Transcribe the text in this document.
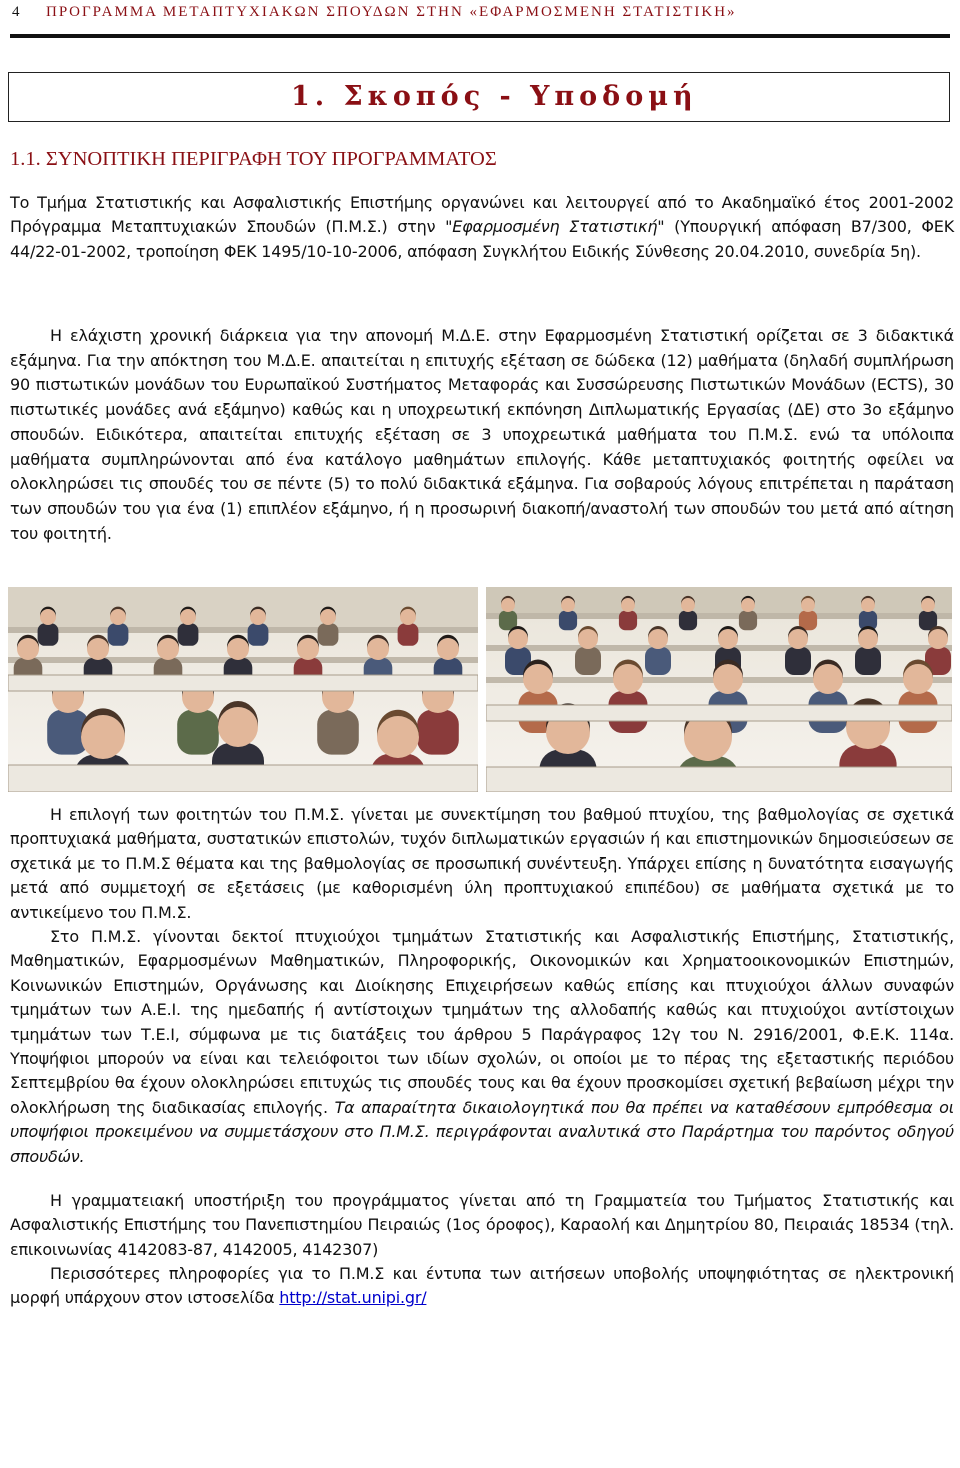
4 ΠΡΟΓΡΑΜΜΑ ΜΕΤΑΠΤΥΧΙΑΚΩΝ ΣΠΟΥΔΩΝ ΣΤΗΝ «ΕΦΑΡΜΟΣΜΕΝΗ ΣΤΑΤΙΣΤΙΚΗ»
1. Σκοπός - Υποδομή
1.1. ΣΥΝΟΠΤΙΚΗ ΠΕΡΙΓΡΑΦΗ ΤΟΥ ΠΡΟΓΡΑΜΜΑΤΟΣ

Το Τμήμα Στατιστικής και Ασφαλιστικής Επιστήμης οργανώνει και λειτουργεί από το Ακαδημαϊκό έτος 2001-2002 Πρόγραμμα Μεταπτυχιακών Σπουδών (Π.Μ.Σ.) στην "Εφαρμοσμένη Στατιστική" (Υπουργική απόφαση Β7/300, ΦΕΚ 44/22-01-2002, τροποίηση ΦΕΚ 1495/10-10-2006, απόφαση Συγκλήτου Ειδικής Σύνθεσης 20.04.2010, συνεδρία 5η).

Η ελάχιστη χρονική διάρκεια για την απονομή Μ.Δ.Ε. στην Εφαρμοσμένη Στατιστική ορίζεται σε 3 διδακτικά εξάμηνα. Για την απόκτηση του Μ.Δ.Ε. απαιτείται η επιτυχής εξέταση σε δώδεκα (12) μαθήματα (δηλαδή συμπλήρωση 90 πιστωτικών μονάδων του Ευρωπαϊκού Συστήματος Μεταφοράς και Συσσώρευσης Πιστωτικών Μονάδων (ECTS), 30 πιστωτικές μονάδες ανά εξάμηνο) καθώς και η υποχρεωτική εκπόνηση Διπλωματικής Εργασίας (ΔΕ) στο 3ο εξάμηνο σπουδών. Ειδικότερα, απαιτείται επιτυχής εξέταση σε 3 υποχρεωτικά μαθήματα του Π.Μ.Σ. ενώ τα υπόλοιπα μαθήματα συμπληρώνονται από ένα κατάλογο μαθημάτων επιλογής. Κάθε μεταπτυχιακός φοιτητής οφείλει να ολοκληρώσει τις σπουδές του σε πέντε (5) το πολύ διδακτικά εξάμηνα. Για σοβαρούς λόγους επιτρέπεται η παράταση των σπουδών του για ένα (1) επιπλέον εξάμηνο, ή η προσωρινή διακοπή/αναστολή των σπουδών του μετά από αίτηση του φοιτητή.

Η επιλογή των φοιτητών του Π.Μ.Σ. γίνεται με συνεκτίμηση του βαθμού πτυχίου, της βαθμολογίας σε σχετικά προπτυχιακά μαθήματα, συστατικών επιστολών, τυχόν διπλωματικών εργασιών ή και επιστημονικών δημοσιεύσεων σε σχετικά με το Π.Μ.Σ θέματα και της βαθμολογίας σε προσωπική συνέντευξη. Υπάρχει επίσης η δυνατότητα εισαγωγής μετά από συμμετοχή σε εξετάσεις (με καθορισμένη ύλη προπτυχιακού επιπέδου) σε μαθήματα σχετικά με το αντικείμενο του Π.Μ.Σ.

Στο Π.Μ.Σ. γίνονται δεκτοί πτυχιούχοι τμημάτων Στατιστικής και Ασφαλιστικής Επιστήμης, Στατιστικής, Μαθηματικών, Εφαρμοσμένων Μαθηματικών, Πληροφορικής, Οικονομικών και Χρηματοοικονομικών Επιστημών, Κοινωνικών Επιστημών, Οργάνωσης και Διοίκησης Επιχειρήσεων καθώς επίσης και πτυχιούχοι άλλων συναφών τμημάτων των Α.Ε.Ι. της ημεδαπής ή αντίστοιχων τμημάτων της αλλοδαπής καθώς και πτυχιούχοι αντίστοιχων τμημάτων των Τ.Ε.Ι, σύμφωνα με τις διατάξεις του άρθρου 5 Παράγραφος 12γ του Ν. 2916/2001, Φ.Ε.Κ. 114α. Υποψήφιοι μπορούν να είναι και τελειόφοιτοι των ιδίων σχολών, οι οποίοι με το πέρας της εξεταστικής περιόδου Σεπτεμβρίου θα έχουν ολοκληρώσει επιτυχώς τις σπουδές τους και θα έχουν προσκομίσει σχετική βεβαίωση μέχρι την ολοκλήρωση της διαδικασίας επιλογής. Τα απαραίτητα δικαιολογητικά που θα πρέπει να καταθέσουν εμπρόθεσμα οι υποψήφιοι προκειμένου να συμμετάσχουν στο Π.Μ.Σ. περιγράφονται αναλυτικά στο Παράρτημα του παρόντος οδηγού σπουδών.

Η γραμματειακή υποστήριξη του προγράμματος γίνεται από τη Γραμματεία του Τμήματος Στατιστικής και Ασφαλιστικής Επιστήμης του Πανεπιστημίου Πειραιώς (1ος όροφος), Καραολή και Δημητρίου 80, Πειραιάς 18534 (τηλ. επικοινωνίας 4142083-87, 4142005, 4142307)

Περισσότερες πληροφορίες για το Π.Μ.Σ και έντυπα των αιτήσεων υποβολής υποψηφιότητας σε ηλεκτρονική μορφή υπάρχουν στον ιστοσελίδα http://stat.unipi.gr/
